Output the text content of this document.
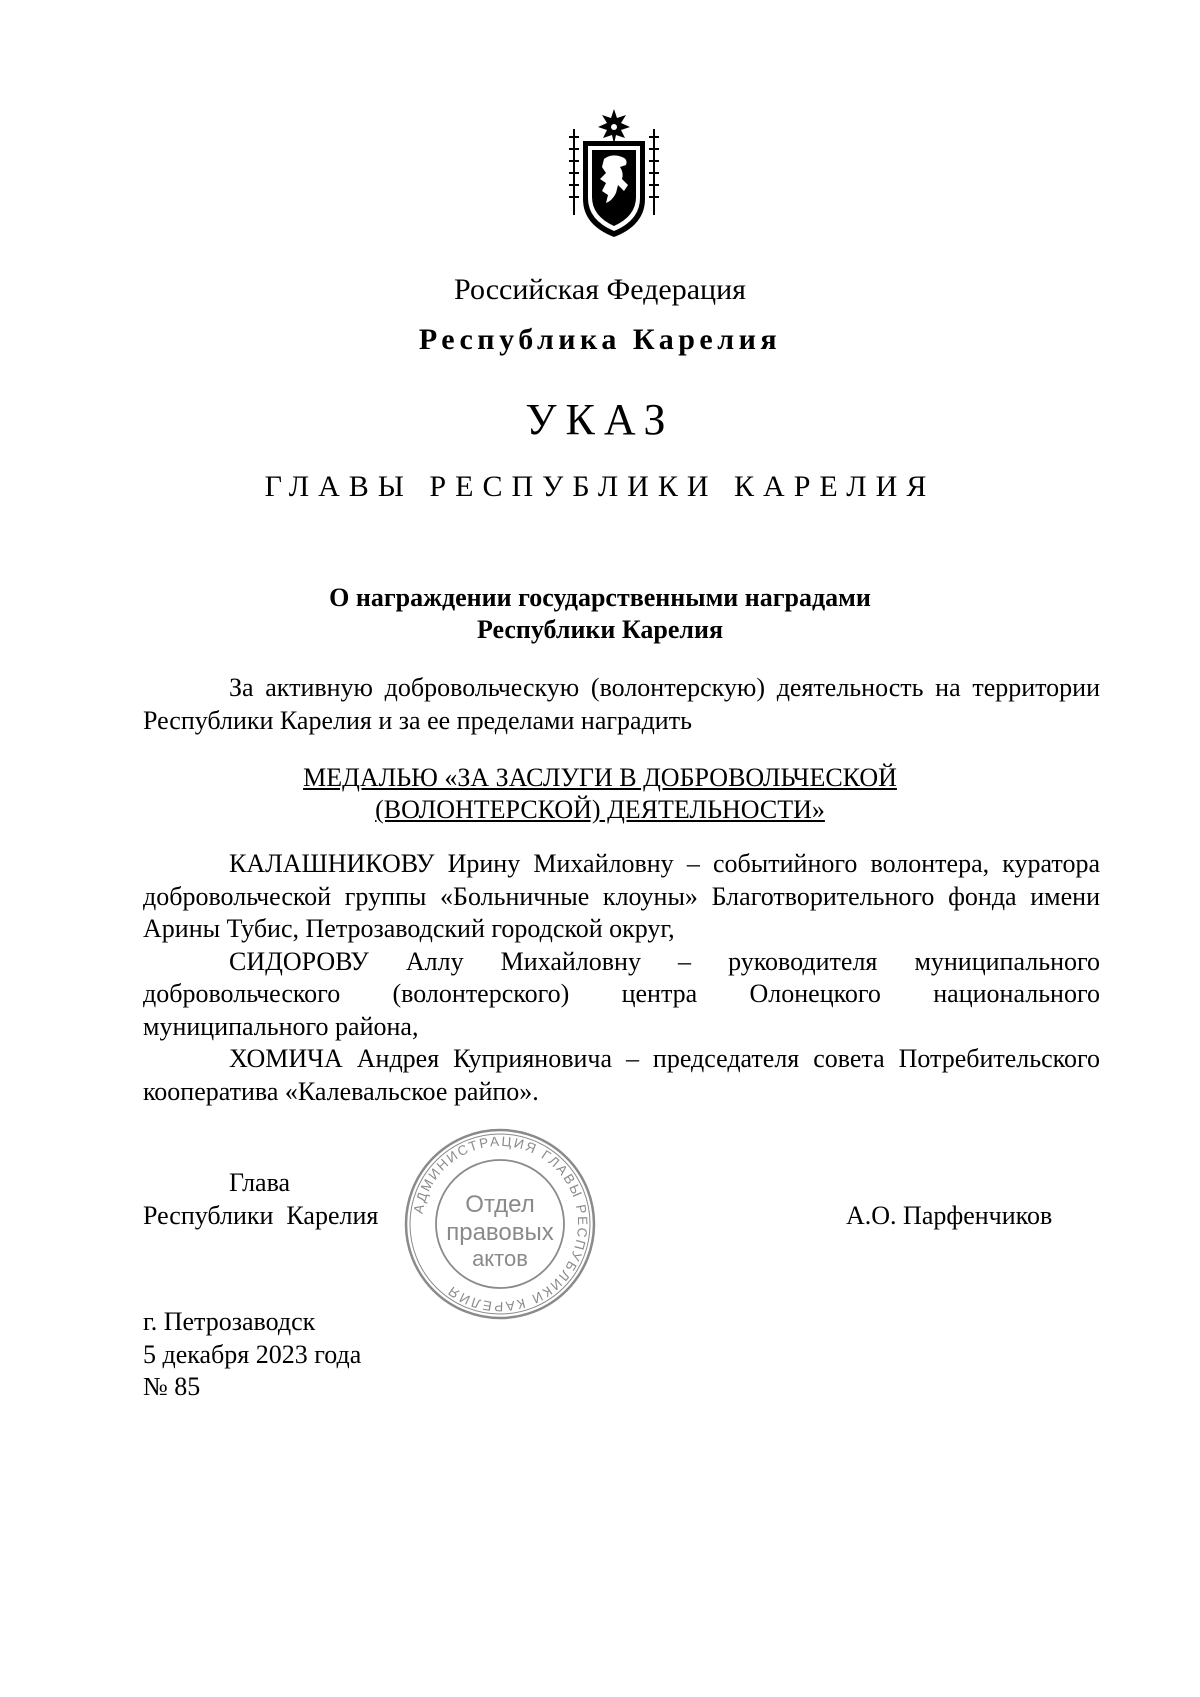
Российская Федерация
Республика Карелия
УКАЗ
ГЛАВЫ РЕСПУБЛИКИ КАРЕЛИЯ
О награждении государственными наградами
Республики Карелия

За активную добровольческую (волонтерскую) деятельность на территории Республики Карелия и за ее пределами наградить

МЕДАЛЬЮ «ЗА ЗАСЛУГИ В ДОБРОВОЛЬЧЕСКОЙ
(ВОЛОНТЕРСКОЙ) ДЕЯТЕЛЬНОСТИ»

КАЛАШНИКОВУ Ирину Михайловну – событийного волонтера, куратора добровольческой группы «Больничные клоуны» Благотворительного фонда имени Арины Тубис, Петрозаводский городской округ,

СИДОРОВУ Аллу Михайловну – руководителя муниципального добровольческого (волонтерского) центра Олонецкого национального муниципального района,

ХОМИЧА Андрея Куприяновича – председателя совета Потребительского кооператива «Калевальское райпо».

Глава
Республики  Карелия АДМИНИСТРАЦИЯ ГЛАВЫ РЕСПУБЛИКИ КАРЕЛИЯ
Отдел
правовых
актов
А.О. Парфенчиков
г. Петрозаводск
5 декабря 2023 года
№ 85
